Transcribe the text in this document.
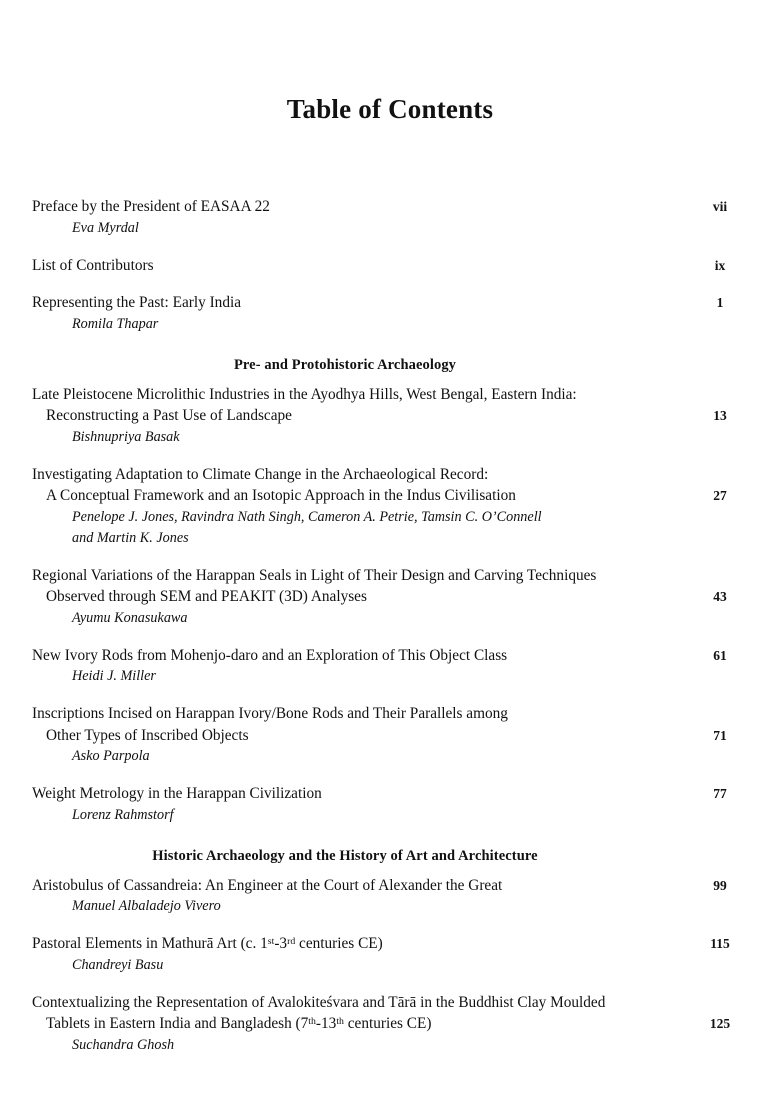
Table of Contents
Preface by the President of EASAA 22
Eva Myrdal
vii
List of Contributors	ix
Representing the Past: Early India
Romila Thapar
1
Pre- and Protohistoric Archaeology
Late Pleistocene Microlithic Industries in the Ayodhya Hills, West Bengal, Eastern India:
Reconstructing a Past Use of Landscape
Bishnupriya Basak
13
Investigating Adaptation to Climate Change in the Archaeological Record:
A Conceptual Framework and an Isotopic Approach in the Indus Civilisation
Penelope J. Jones, Ravindra Nath Singh, Cameron A. Petrie, Tamsin C. O’Connell
and Martin K. Jones
27
Regional Variations of the Harappan Seals in Light of Their Design and Carving Techniques
Observed through SEM and PEAKIT (3D) Analyses
Ayumu Konasukawa
43
New Ivory Rods from Mohenjo-daro and an Exploration of This Object Class
Heidi J. Miller
61
Inscriptions Incised on Harappan Ivory/Bone Rods and Their Parallels among
Other Types of Inscribed Objects
Asko Parpola
71
Weight Metrology in the Harappan Civilization
Lorenz Rahmstorf
77
Historic Archaeology and the History of Art and Architecture
Aristobulus of Cassandreia: An Engineer at the Court of Alexander the Great
Manuel Albaladejo Vivero
99
Pastoral Elements in Mathurā Art (c. 1st-3rd centuries CE)
Chandreyi Basu
115
Contextualizing the Representation of Avalokiteśvara and Tārā in the Buddhist Clay Moulded
Tablets in Eastern India and Bangladesh (7th-13th centuries CE)
Suchandra Ghosh
125
